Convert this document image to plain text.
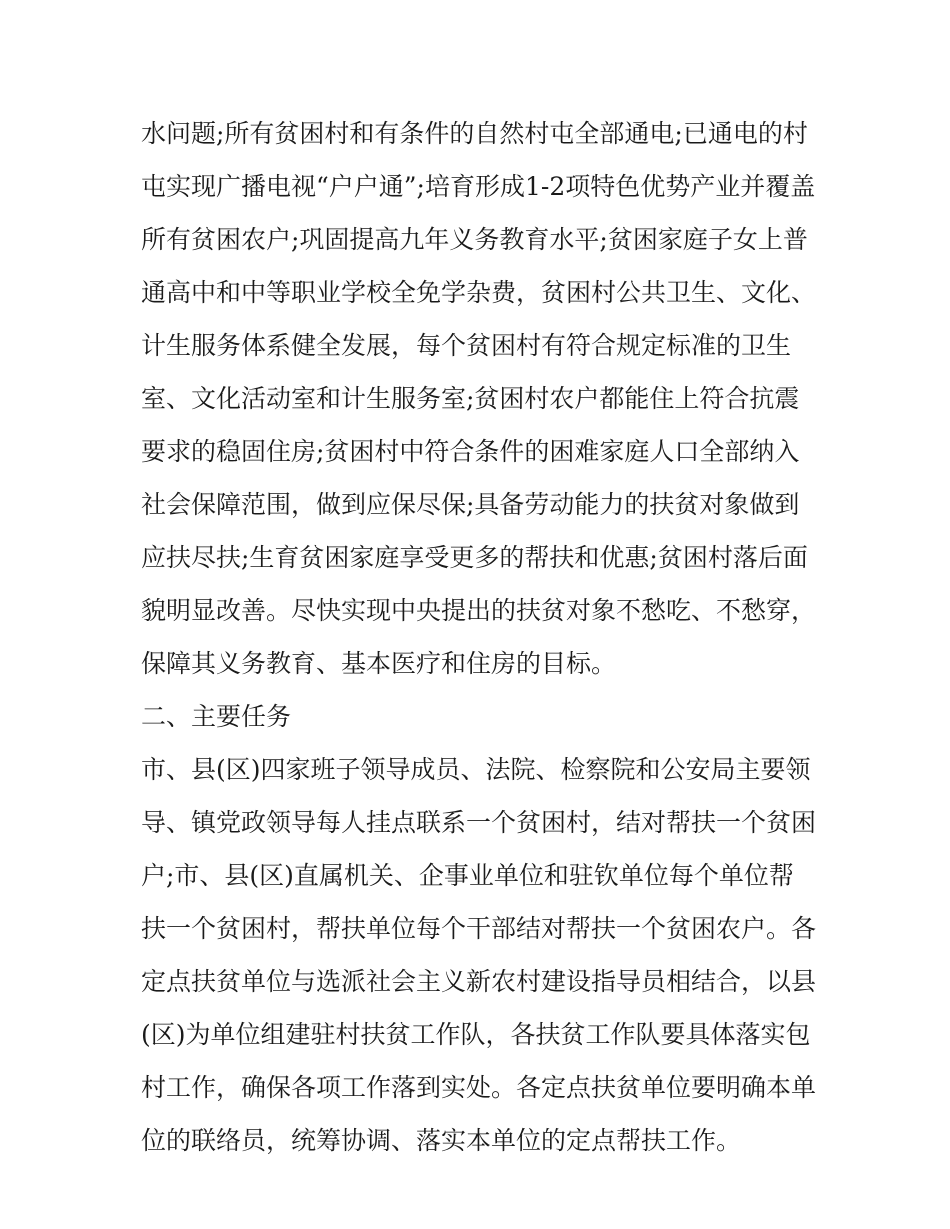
水问题;所有贫困村和有条件的自然村屯全部通电;已通电的村
屯实现广播电视“户户通”;培育形成1-2项特色优势产业并覆盖
所有贫困农户;巩固提高九年义务教育水平;贫困家庭子女上普
通高中和中等职业学校全免学杂费，贫困村公共卫生、文化、
计生服务体系健全发展，每个贫困村有符合规定标准的卫生
室、文化活动室和计生服务室;贫困村农户都能住上符合抗震
要求的稳固住房;贫困村中符合条件的困难家庭人口全部纳入
社会保障范围，做到应保尽保;具备劳动能力的扶贫对象做到
应扶尽扶;生育贫困家庭享受更多的帮扶和优惠;贫困村落后面
貌明显改善。尽快实现中央提出的扶贫对象不愁吃、不愁穿，
保障其义务教育、基本医疗和住房的目标。
二、主要任务
市、县(区)四家班子领导成员、法院、检察院和公安局主要领
导、镇党政领导每人挂点联系一个贫困村，结对帮扶一个贫困
户;市、县(区)直属机关、企事业单位和驻钦单位每个单位帮
扶一个贫困村，帮扶单位每个干部结对帮扶一个贫困农户。各
定点扶贫单位与选派社会主义新农村建设指导员相结合，以县
(区)为单位组建驻村扶贫工作队，各扶贫工作队要具体落实包
村工作，确保各项工作落到实处。各定点扶贫单位要明确本单
位的联络员，统筹协调、落实本单位的定点帮扶工作。
